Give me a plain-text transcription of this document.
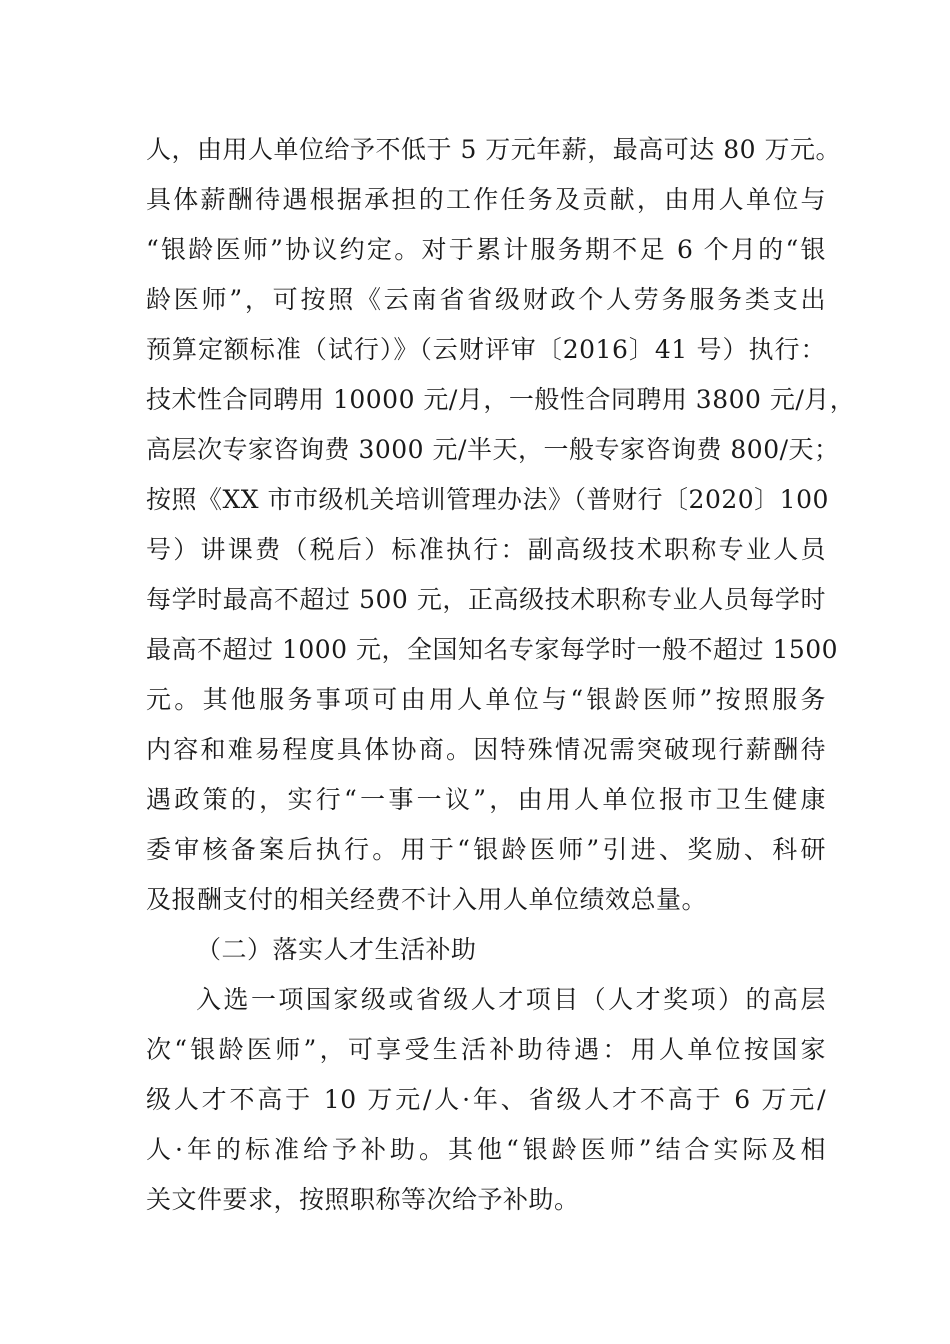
人，由用人单位给予不低于 5 万元年薪，最高可达 80 万元。
具体薪酬待遇根据承担的工作任务及贡献，由用人单位与
“银龄医师”协议约定。对于累计服务期不足 6 个月的“银
龄医师”，可按照《云南省省级财政个人劳务服务类支出
预算定额标准（试行）》（云财评审〔2016〕41 号）执行：
技术性合同聘用 10000 元/月，一般性合同聘用 3800 元/月，
高层次专家咨询费 3000 元/半天，一般专家咨询费 800/天；
按照《XX 市市级机关培训管理办法》（普财行〔2020〕100
号）讲课费（税后）标准执行：副高级技术职称专业人员
每学时最高不超过 500 元，正高级技术职称专业人员每学时
最高不超过 1000 元，全国知名专家每学时一般不超过 1500
元。其他服务事项可由用人单位与“银龄医师”按照服务
内容和难易程度具体协商。因特殊情况需突破现行薪酬待
遇政策的，实行“一事一议”，由用人单位报市卫生健康
委审核备案后执行。用于“银龄医师”引进、奖励、科研
及报酬支付的相关经费不计入用人单位绩效总量。
（二）落实人才生活补助
入选一项国家级或省级人才项目（人才奖项）的高层
次“银龄医师”，可享受生活补助待遇：用人单位按国家
级人才不高于 10 万元/人·年、省级人才不高于 6 万元/
人·年的标准给予补助。其他“银龄医师”结合实际及相
关文件要求，按照职称等次给予补助。
